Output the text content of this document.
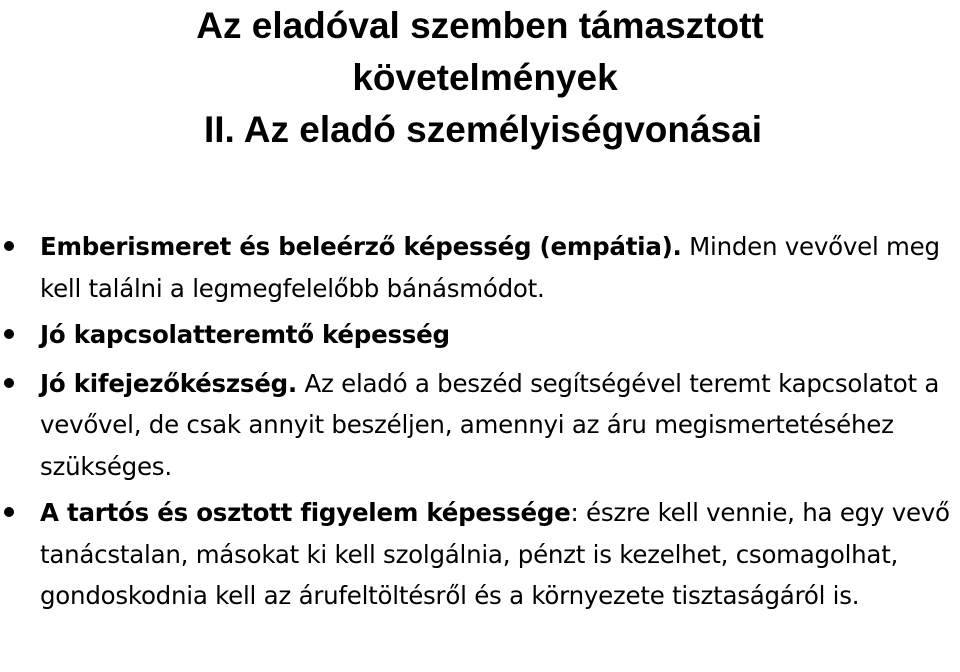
Az eladóval szemben támasztott
követelmények
II. Az eladó személyiségvonásai
Emberismeret és beleérző képesség (empátia). Minden vevővel meg kell találni a legmegfelelőbb bánásmódot.
Jó kapcsolatteremtő képesség
Jó kifejezőkészség. Az eladó a beszéd segítségével teremt kapcsolatot a vevővel, de csak annyit beszéljen, amennyi az áru megismertetéséhez szükséges.
A tartós és osztott figyelem képessége: észre kell vennie, ha egy vevő tanácstalan, másokat ki kell szolgálnia, pénzt is kezelhet, csomagolhat, gondoskodnia kell az árufeltöltésről és a környezete tisztaságáról is.
